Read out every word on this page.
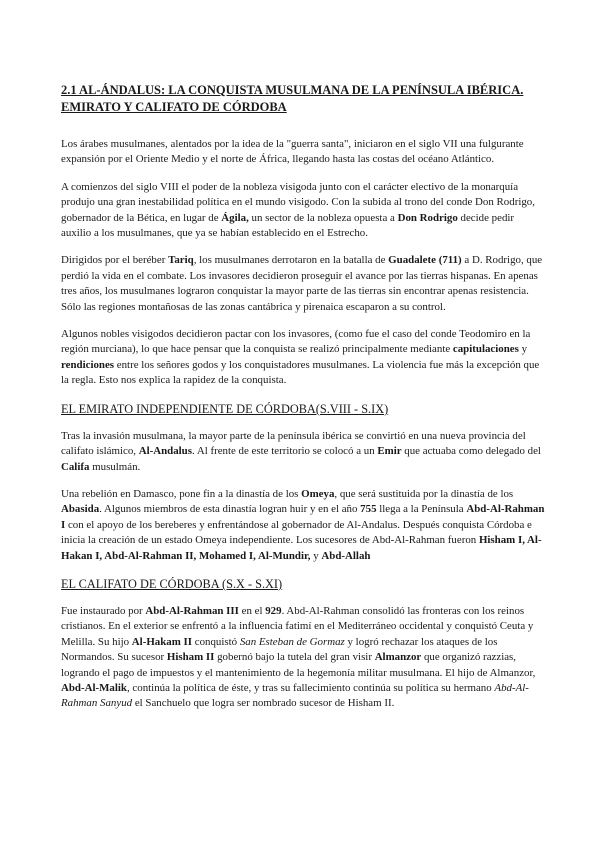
2.1 AL-ÁNDALUS: LA CONQUISTA MUSULMANA DE LA PENÍNSULA IBÉRICA. EMIRATO Y CALIFATO DE CÓRDOBA

Los árabes musulmanes, alentados por la idea de la "guerra santa", iniciaron en el siglo VII una fulgurante expansión por el Oriente Medio y el norte de África, llegando hasta las costas del océano Atlántico.

A comienzos del siglo VIII el poder de la nobleza visigoda junto con el carácter electivo de la monarquía produjo una gran inestabilidad política en el mundo visigodo. Con la subida al trono del conde Don Rodrigo, gobernador de la Bética, en lugar de Ágila, un sector de la nobleza opuesta a Don Rodrigo decide pedir auxilio a los musulmanes, que ya se habían establecido en el Estrecho.

Dirigidos por el beréber Tariq, los musulmanes derrotaron en la batalla de Guadalete (711) a D. Rodrigo, que perdió la vida en el combate. Los invasores decidieron proseguir el avance por las tierras hispanas. En apenas tres años, los musulmanes lograron conquistar la mayor parte de las tierras sin encontrar apenas resistencia. Sólo las regiones montañosas de las zonas cantábrica y pirenaica escaparon a su control.

Algunos nobles visigodos decidieron pactar con los invasores, (como fue el caso del conde Teodomiro en la región murciana), lo que hace pensar que la conquista se realizó principalmente mediante capitulaciones y rendiciones entre los señores godos y los conquistadores musulmanes. La violencia fue más la excepción que la regla. Esto nos explica la rapidez de la conquista.

EL EMIRATO INDEPENDIENTE DE CÓRDOBA(S.VIII - S.IX)

Tras la invasión musulmana, la mayor parte de la península ibérica se convirtió en una nueva provincia del califato islámico, Al-Andalus. Al frente de este territorio se colocó a un Emir que actuaba como delegado del Califa musulmán.

Una rebelión en Damasco, pone fin a la dinastía de los Omeya, que será sustituida por la dinastía de los Abasida. Algunos miembros de esta dinastía logran huir y en el año 755 llega a la Península Abd-Al-Rahman I con el apoyo de los bereberes y enfrentándose al gobernador de Al-Andalus. Después conquista Córdoba e inicia la creación de un estado Omeya independiente. Los sucesores de Abd-Al-Rahman fueron Hisham I, Al-Hakan I, Abd-Al-Rahman II, Mohamed I, Al-Mundir, y Abd-Allah

EL CALIFATO DE CÓRDOBA (S.X - S.XI)

Fue instaurado por Abd-Al-Rahman III en el 929. Abd-Al-Rahman consolidó las fronteras con los reinos cristianos. En el exterior se enfrentó a la influencia fatimí en el Mediterráneo occidental y conquistó Ceuta y Melilla. Su hijo Al-Hakam II conquistó San Esteban de Gormaz y logró rechazar los ataques de los Normandos. Su sucesor Hisham II gobernó bajo la tutela del gran visir Almanzor que organizó razzias, logrando el pago de impuestos y el mantenimiento de la hegemonía militar musulmana. El hijo de Almanzor, Abd-Al-Malik, continúa la política de éste, y tras su fallecimiento continúa su política su hermano Abd-Al-Rahman Sanyud el Sanchuelo que logra ser nombrado sucesor de Hisham II.
